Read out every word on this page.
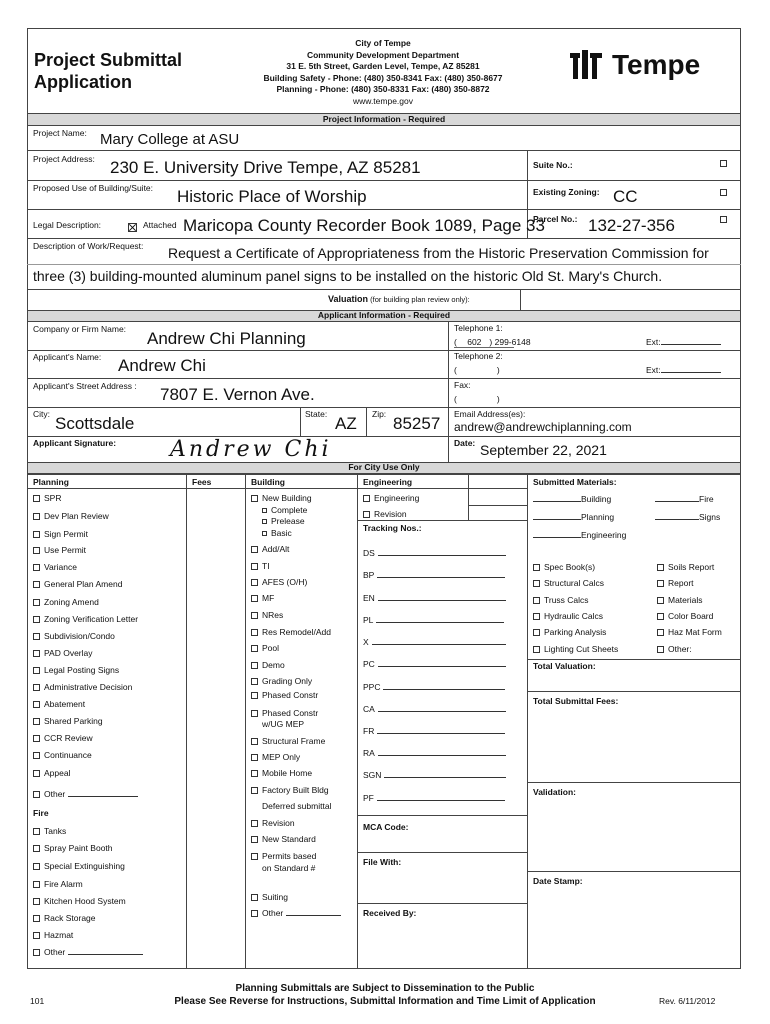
Project Submittal
Application
City of Tempe
Community Development Department
31 E. 5th Street, Garden Level, Tempe, AZ 85281
Building Safety - Phone: (480) 350-8341 Fax: (480) 350-8677
Planning - Phone: (480) 350-8331 Fax: (480) 350-8872
www.tempe.gov
Tempe
Project Information - Required
Project Name: Mary College at ASU
Project Address: 230 E. University Drive Tempe, AZ 85281	Suite No.:
Proposed Use of Building/Suite: Historic Place of Worship	Existing Zoning: CC
Legal Description:	Attached Maricopa County Recorder Book 1089, Page 33
Parcel No.: 132-27-356
Description of Work/Request: Request a Certificate of Appropriateness from the Historic Preservation Commission for
three (3) building-mounted aluminum panel signs to be installed on the historic Old St. Mary's Church.
Valuation (for building plan review only):
Applicant Information - Required
Company or Firm Name: Andrew Chi Planning
Telephone 1:
( 602 ) 299-6148	Ext:
Applicant's Name: Andrew Chi	Telephone 2:
(	)	Ext:
Applicant's Street Address : 7807 E. Vernon Ave.	Fax:
(	)
City: Scottsdale	State: AZ Zip: 85257 Email Address(es):
andrew@andrewchiplanning.com
Applicant Signature: Andrew Chi	Date: September 22, 2021
For City Use Only
Planning	Fees	Building	Engineering	Submitted Materials:
SPR
Dev Plan Review
Sign Permit
Use Permit
Variance
General Plan Amend
Zoning Amend
Zoning Verification Letter
Subdivision/Condo
PAD Overlay
Legal Posting Signs
Administrative Decision
Abatement
Shared Parking
CCR Review
Continuance
Appeal
Other
Fire
Tanks
Spray Paint Booth
Special Extinguishing
Fire Alarm
Kitchen Hood System
Rack Storage
Hazmat
Other
New Building
Complete
Prelease
Basic
Add/Alt
TI
AFES (O/H)
MF
NRes
Res Remodel/Add
Pool
Demo
Grading Only
Phased Constr
Phased Constr
w/UG MEP
Structural Frame
MEP Only
Mobile Home
Factory Built Bldg
Deferred submittal
Revision
New Standard
Permits based
on Standard #
Suiting
Other
Engineering
Revision
Tracking Nos.:
DS
BP
EN
PL
X
PC
PPC
CA
FR
RA
SGN
PF
MCA Code:
File With:
Received By:
Building	Fire
Planning	Signs
Engineering
Spec Book(s)
Structural Calcs
Truss Calcs
Hydraulic Calcs
Parking Analysis
Lighting Cut Sheets
Soils Report
Report
Materials
Color Board
Haz Mat Form
Other:
Total Valuation:
Total Submittal Fees:
Validation:
Date Stamp:
101
Planning Submittals are Subject to Dissemination to the Public
Please See Reverse for Instructions, Submittal Information and Time Limit of Application	Rev. 6/11/2012
